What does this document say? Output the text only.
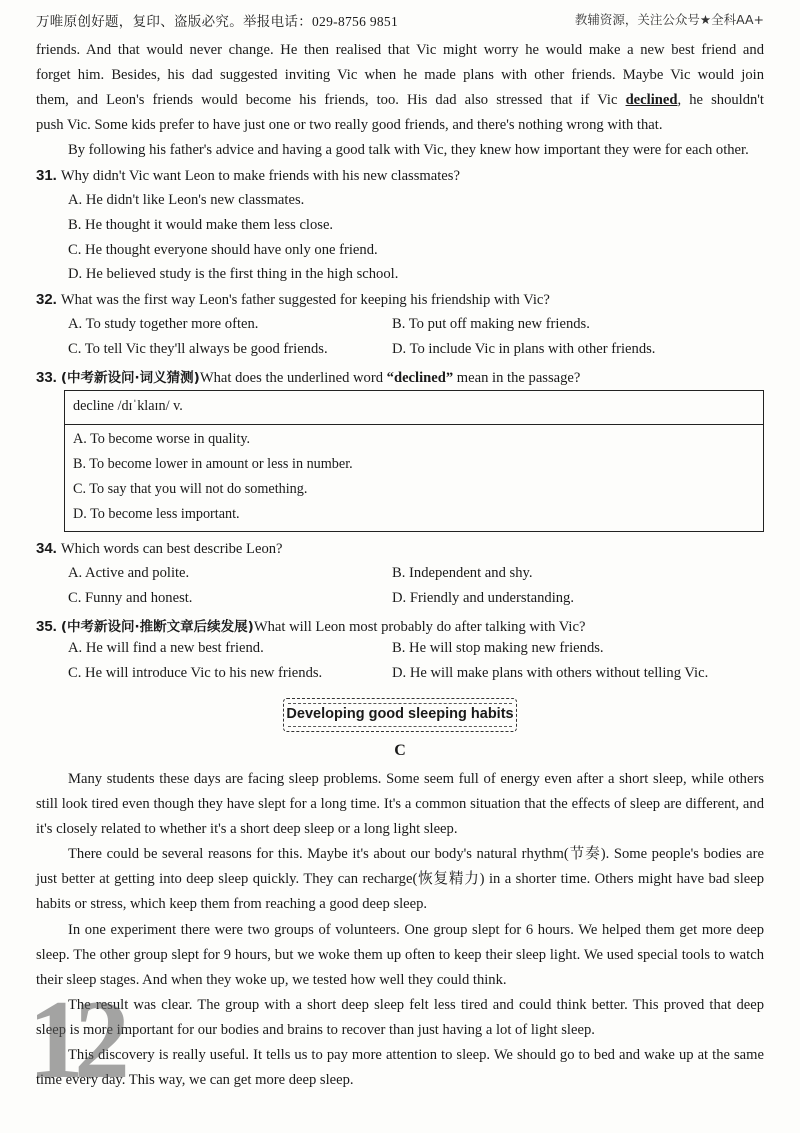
万唯原创好题，复印、盗版必究。举报电话：029-8756 9851	教辅资源，关注公众号★全科AA+
friends. And that would never change. He then realised that Vic might worry he would make a new best friend and
forget him. Besides, his dad suggested inviting Vic when he made plans with other friends. Maybe Vic would join
them, and Leon's friends would become his friends, too. His dad also stressed that if Vic declined, he shouldn't
push Vic. Some kids prefer to have just one or two really good friends, and there's nothing wrong with that.
By following his father's advice and having a good talk with Vic, they knew how important they were for each other.
31. Why didn't Vic want Leon to make friends with his new classmates?
A. He didn't like Leon's new classmates.
B. He thought it would make them less close.
C. He thought everyone should have only one friend.
D. He believed study is the first thing in the high school.
32. What was the first way Leon's father suggested for keeping his friendship with Vic?
A. To study together more often.	B. To put off making new friends.
C. To tell Vic they'll always be good friends.	D. To include Vic in plans with other friends.
33. (中考新设问·词义猜测)What does the underlined word “declined” mean in the passage?
decline /dɪˈklaɪn/ v.
A. To become worse in quality.
B. To become lower in amount or less in number.
C. To say that you will not do something.
D. To become less important.
34. Which words can best describe Leon?
A. Active and polite.	B. Independent and shy.
C. Funny and honest.	D. Friendly and understanding.
35. (中考新设问·推断文章后续发展)What will Leon most probably do after talking with Vic?
A. He will find a new best friend.	B. He will stop making new friends.
C. He will introduce Vic to his new friends.	D. He will make plans with others without telling Vic.
Developing good sleeping habits
C
Many students these days are facing sleep problems. Some seem full of energy even after a short sleep, while others still look tired even though they have slept for a long time. It's a common situation that the effects of sleep are different, and it's closely related to whether it's a short deep sleep or a long light sleep.
There could be several reasons for this. Maybe it's about our body's natural rhythm(节奏). Some people's bodies are just better at getting into deep sleep quickly. They can recharge(恢复精力) in a shorter time. Others might have bad sleep habits or stress, which keep them from reaching a good deep sleep.
In one experiment there were two groups of volunteers. One group slept for 6 hours. We helped them get more deep sleep. The other group slept for 9 hours, but we woke them up often to keep their sleep light. We used special tools to watch their sleep stages. And when they woke up, we tested how well they could think.
The result was clear. The group with a short deep sleep felt less tired and could think better. This proved that deep sleep is more important for our bodies and brains to recover than just having a lot of light sleep.
This discovery is really useful. It tells us to pay more attention to sleep. We should go to bed and wake up at the same time every day. This way, we can get more deep sleep.
12
